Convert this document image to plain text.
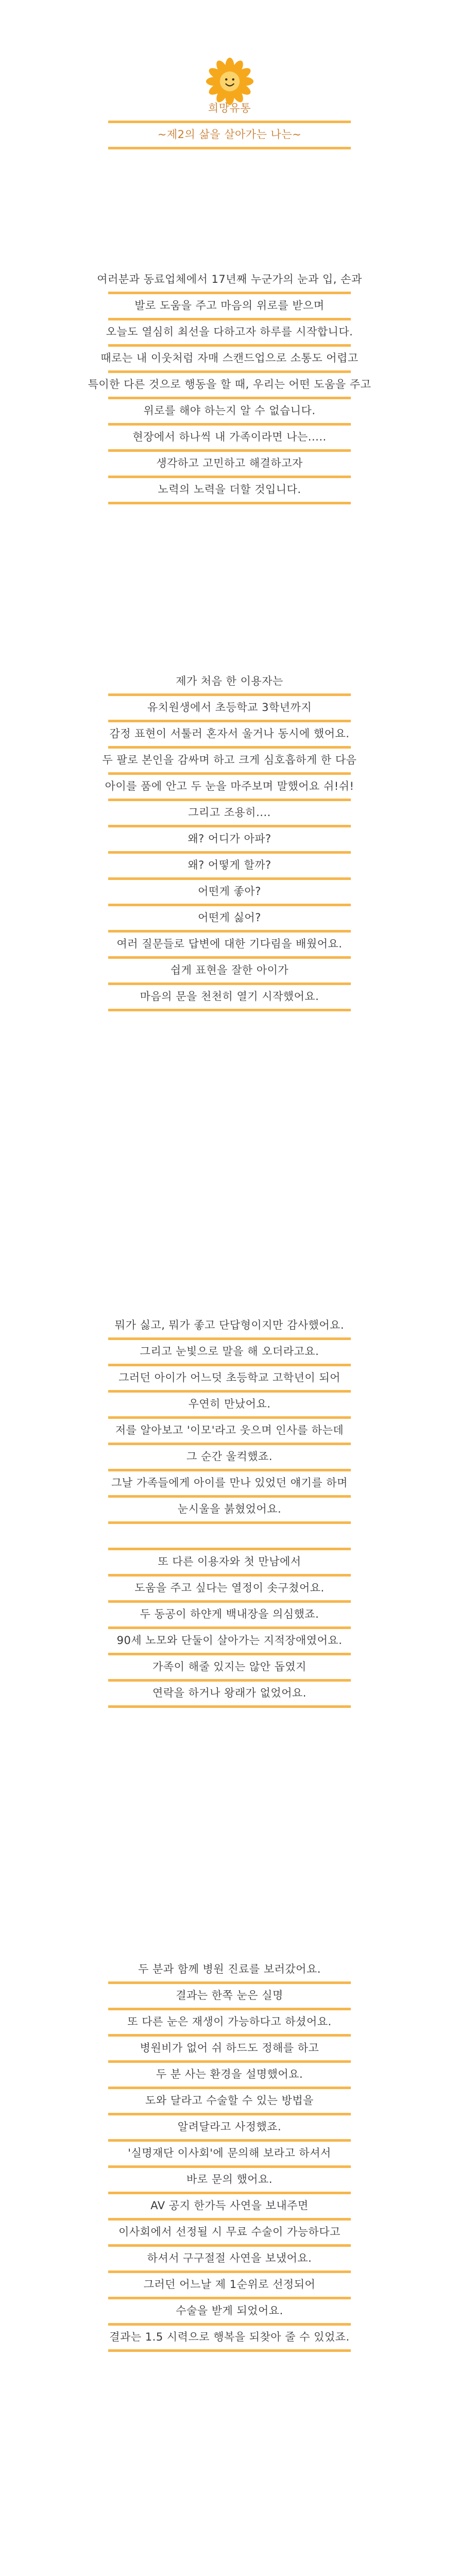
희망유통
~제2의 삶을 살아가는 나는~
여러분과 동료업체에서 17년째 누군가의 눈과 입, 손과
발로 도움을 주고 마음의 위로를 받으며
오늘도 열심히 최선을 다하고자 하루를 시작합니다.
때로는 내 이웃처럼 자매 스캔드업으로 소통도 어렵고
특이한 다른 것으로 행동을 할 때, 우리는 어떤 도움을 주고
위로를 해야 하는지 알 수 없습니다.
현장에서 하나씩 내 가족이라면 나는.....
생각하고 고민하고 해결하고자
노력의 노력을 더할 것입니다.
제가 처음 한 이용자는
유치원생에서 초등학교 3학년까지
감정 표현이 서툴러 혼자서 울거나 동시에 했어요.
두 팔로 본인을 감싸며 하고 크게 심호흡하게 한 다음
아이를 품에 안고 두 눈을 마주보며 말했어요 쉬!쉬!
그리고 조용히....
왜? 어디가 아파?
왜? 어떻게 할까?
어떤게 좋아?
어떤게 싫어?
여러 질문들로 답변에 대한 기다림을 배웠어요.
쉽게 표현을 잘한 아이가
마음의 문을 천천히 열기 시작했어요.
뭐가 싫고, 뭐가 좋고 단답형이지만 감사했어요.
그리고 눈빛으로 말을 해 오더라고요.
그러던 아이가 어느덧 초등학교 고학년이 되어
우연히 만났어요.
저를 알아보고 '이모'라고 웃으며 인사를 하는데
그 순간 울컥했죠.
그날 가족들에게 아이를 만나 있었던 얘기를 하며
눈시울을 붉혔었어요.
또 다른 이용자와 첫 만남에서
도움을 주고 싶다는 열정이 솟구쳤어요.
두 동공이 하얀게 백내장을 의심했죠.
90세 노모와 단둘이 살아가는 지적장애였어요.
가족이 해줄 있지는 않안 돕였지
연락을 하거나 왕래가 없었어요.
두 분과 함께 병원 진료를 보러갔어요.
결과는 한쪽 눈은 실명
또 다른 눈은 재생이 가능하다고 하셨어요.
병원비가 없어 쉬 하드도 정해를 하고
두 분 사는 환경을 설명했어요.
도와 달라고 수술할 수 있는 방법을
알려달라고 사정했죠.
'실명재단 이사회'에 문의해 보라고 하셔서
바로 문의 했어요.
AV 공지 한가득 사연을 보내주면
이사회에서 선정될 시 무료 수술이 가능하다고
하셔서 구구절절 사연을 보냈어요.
그러던 어느날 제 1순위로 선정되어
수술을 받게 되었어요.
결과는 1.5 시력으로 행복을 되찾아 줄 수 있었죠.
